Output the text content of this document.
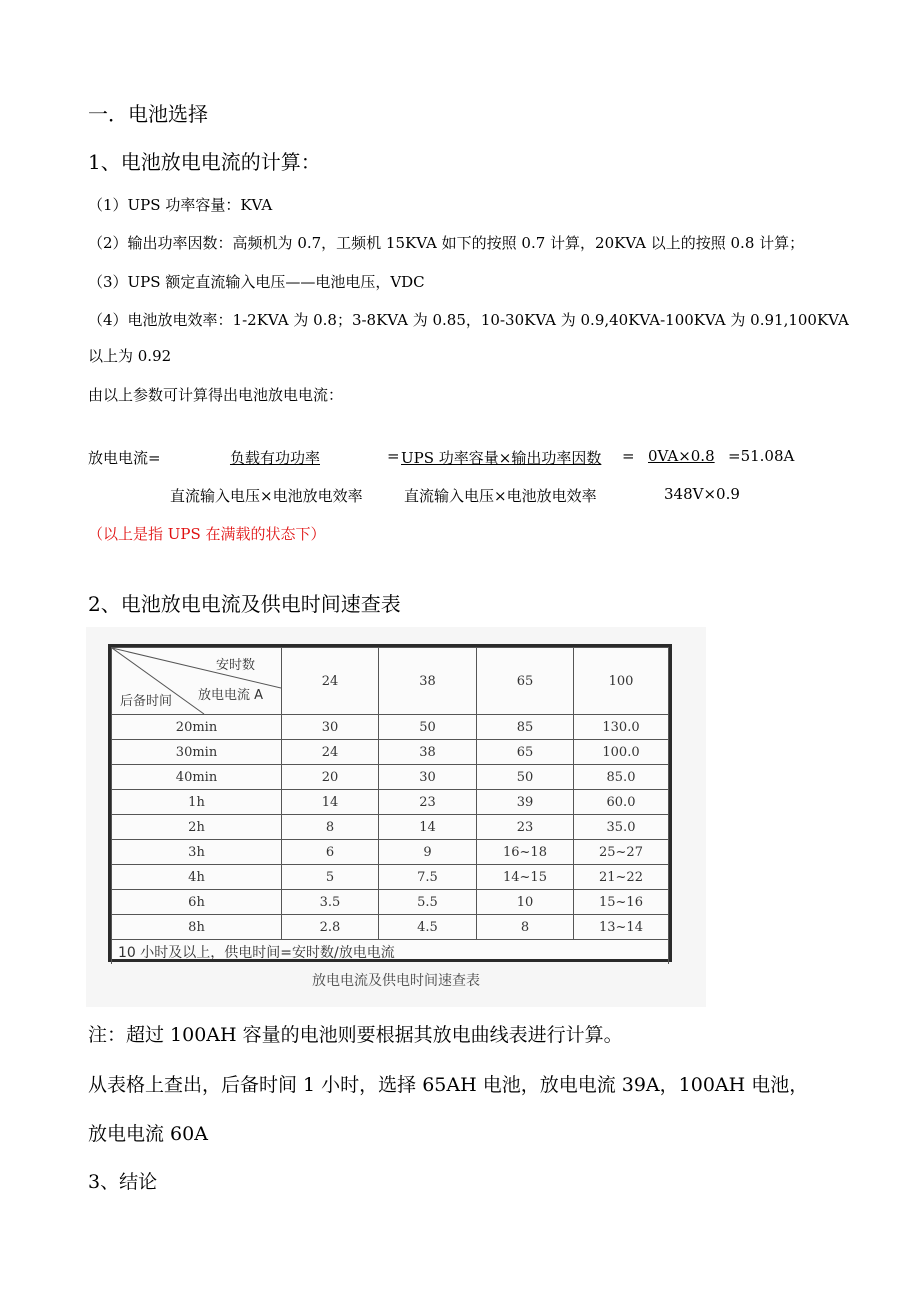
一．电池选择
1、电池放电电流的计算：
（1）UPS 功率容量：KVA
（2）输出功率因数：高频机为 0.7，工频机 15KVA 如下的按照 0.7 计算，20KVA 以上的按照 0.8 计算；
（3）UPS 额定直流输入电压——电池电压，VDC
（4）电池放电效率：1-2KVA 为 0.8；3-8KVA 为 0.85，10-30KVA 为 0.9,40KVA-100KVA 为 0.91,100KVA
以上为 0.92
由以上参数可计算得出电池放电电流：
放电电流=	负载有功功率	= UPS 功率容量×输出功率因数 = 0VA×0.8 =51.08A
直流输入电压×电池放电效率	直流输入电压×电池放电效率	348V×0.9
（以上是指 UPS 在满载的状态下）
2、电池放电电流及供电时间速查表
安时数
放电电流 A
后备时间	24	38	65	100
20min	30	50	85	130.0
30min	24	38	65	100.0
40min	20	30	50	85.0
1h	14	23	39	60.0
2h	8	14	23	35.0
3h	6	9	16~18	25~27
4h	5	7.5	14~15	21~22
6h	3.5	5.5	10	15~16
8h	2.8	4.5	8	13~14
10 小时及以上，供电时间=安时数/放电电流				
放电电流及供电时间速查表
注：超过 100AH 容量的电池则要根据其放电曲线表进行计算。
从表格上查出，后备时间 1 小时，选择 65AH 电池，放电电流 39A，100AH 电池，
放电电流 60A
3、结论
